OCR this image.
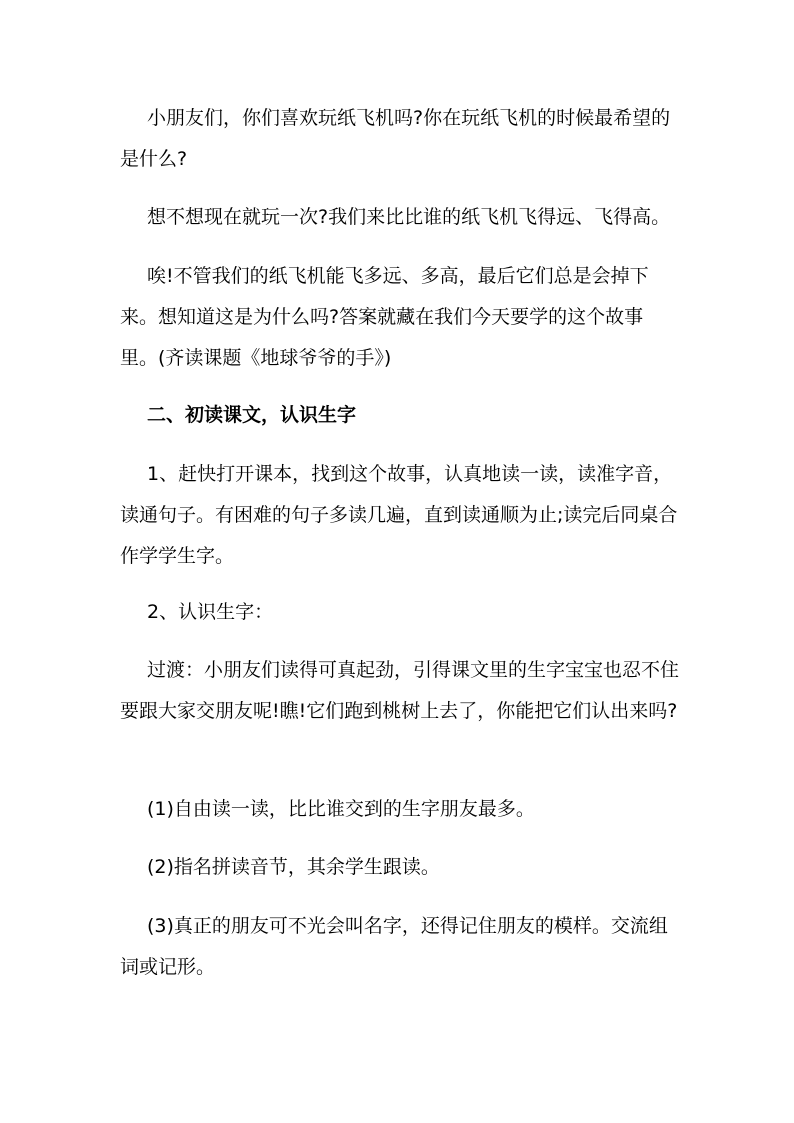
小朋友们，你们喜欢玩纸飞机吗?你在玩纸飞机的时候最希望的是什么?

想不想现在就玩一次?我们来比比谁的纸飞机飞得远、飞得高。

唉!不管我们的纸飞机能飞多远、多高，最后它们总是会掉下来。想知道这是为什么吗?答案就藏在我们今天要学的这个故事里。(齐读课题《地球爷爷的手》)

二、初读课文，认识生字

1、赶快打开课本，找到这个故事，认真地读一读，读准字音，读通句子。有困难的句子多读几遍，直到读通顺为止;读完后同桌合作学学生字。

2、认识生字：

过渡：小朋友们读得可真起劲，引得课文里的生字宝宝也忍不住要跟大家交朋友呢!瞧!它们跑到桃树上去了，你能把它们认出来吗?

(1)自由读一读，比比谁交到的生字朋友最多。

(2)指名拼读音节，其余学生跟读。

(3)真正的朋友可不光会叫名字，还得记住朋友的模样。交流组词或记形。
